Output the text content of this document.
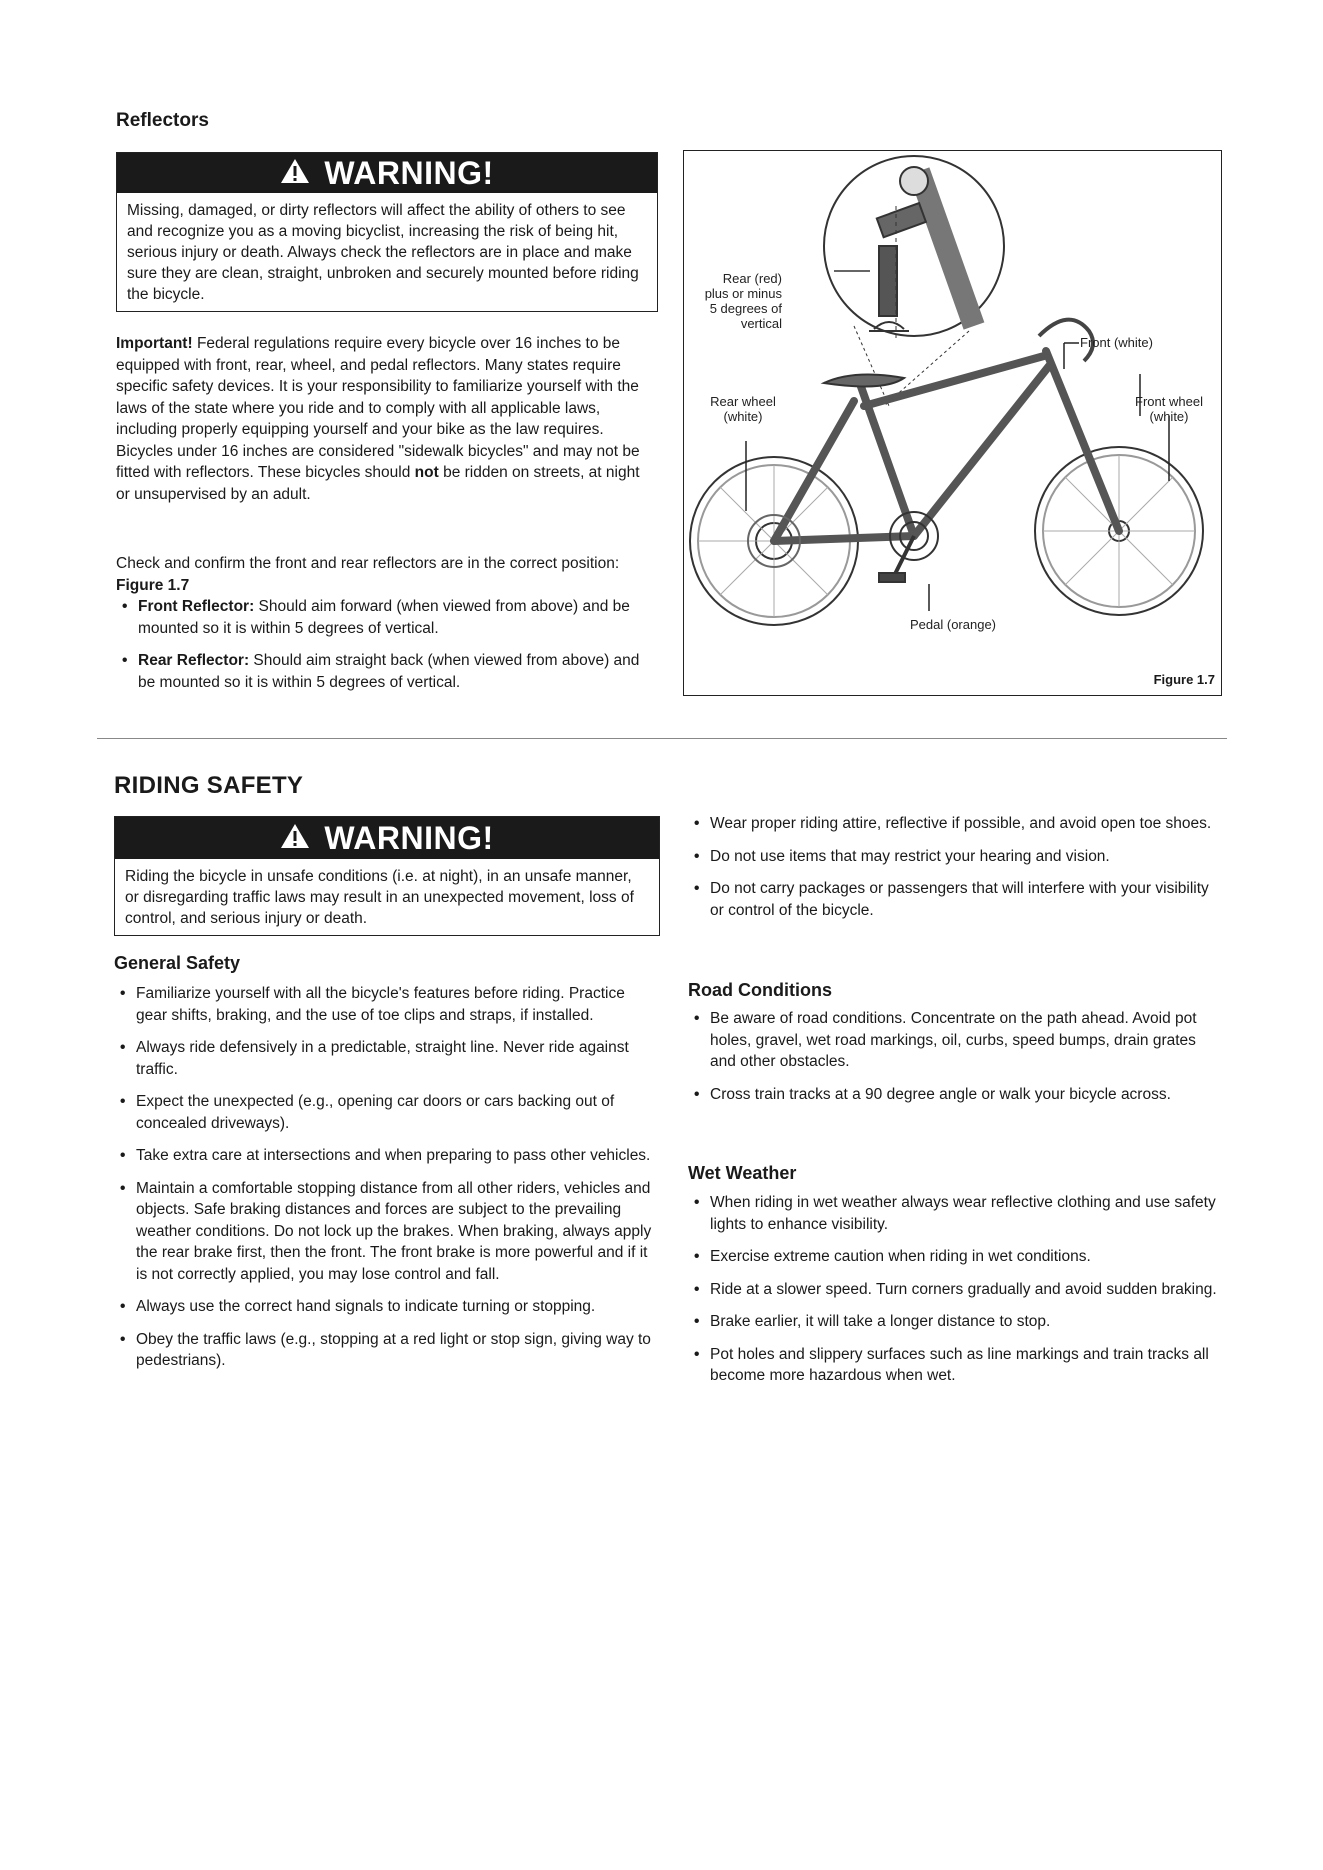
Reflectors
WARNING!
Missing, damaged, or dirty reflectors will affect the ability of others to see and recognize you as a moving bicyclist, increasing the risk of being hit, serious injury or death. Always check the reflectors are in place and make sure they are clean, straight, unbroken and securely mounted before riding the bicycle.
Important! Federal regulations require every bicycle over 16 inches to be equipped with front, rear, wheel, and pedal reflectors. Many states require specific safety devices. It is your responsibility to familiarize yourself with the laws of the state where you ride and to comply with all applicable laws, including properly equipping yourself and your bike as the law requires. Bicycles under 16 inches are considered "sidewalk bicycles" and may not be fitted with reflectors. These bicycles should not be ridden on streets, at night or unsupervised by an adult.
Check and confirm the front and rear reflectors are in the correct position: Figure 1.7
• Front Reflector: Should aim forward (when viewed from above) and be mounted so it is within 5 degrees of vertical.
• Rear Reflector: Should aim straight back (when viewed from above) and be mounted so it is within 5 degrees of vertical.
Rear (red)
plus or minus
5 degrees of
vertical
Front (white)
Rear wheel
(white)
Front wheel
(white)
Pedal (orange)
Figure 1.7
RIDING SAFETY
WARNING!
Riding the bicycle in unsafe conditions (i.e. at night), in an unsafe manner, or disregarding traffic laws may result in an unexpected movement, loss of control, and serious injury or death.
General Safety
• Familiarize yourself with all the bicycle's features before riding. Practice gear shifts, braking, and the use of toe clips and straps, if installed.
• Always ride defensively in a predictable, straight line. Never ride against traffic.
• Expect the unexpected (e.g., opening car doors or cars backing out of concealed driveways).
• Take extra care at intersections and when preparing to pass other vehicles.
• Maintain a comfortable stopping distance from all other riders, vehicles and objects. Safe braking distances and forces are subject to the prevailing weather conditions. Do not lock up the brakes. When braking, always apply the rear brake first, then the front. The front brake is more powerful and if it is not correctly applied, you may lose control and fall.
• Always use the correct hand signals to indicate turning or stopping.
• Obey the traffic laws (e.g., stopping at a red light or stop sign, giving way to pedestrians).
• Wear proper riding attire, reflective if possible, and avoid open toe shoes.
• Do not use items that may restrict your hearing and vision.
• Do not carry packages or passengers that will interfere with your visibility or control of the bicycle.
Road Conditions
• Be aware of road conditions. Concentrate on the path ahead. Avoid pot holes, gravel, wet road markings, oil, curbs, speed bumps, drain grates and other obstacles.
• Cross train tracks at a 90 degree angle or walk your bicycle across.
Wet Weather
• When riding in wet weather always wear reflective clothing and use safety lights to enhance visibility.
• Exercise extreme caution when riding in wet conditions.
• Ride at a slower speed. Turn corners gradually and avoid sudden braking.
• Brake earlier, it will take a longer distance to stop.
• Pot holes and slippery surfaces such as line markings and train tracks all become more hazardous when wet.
